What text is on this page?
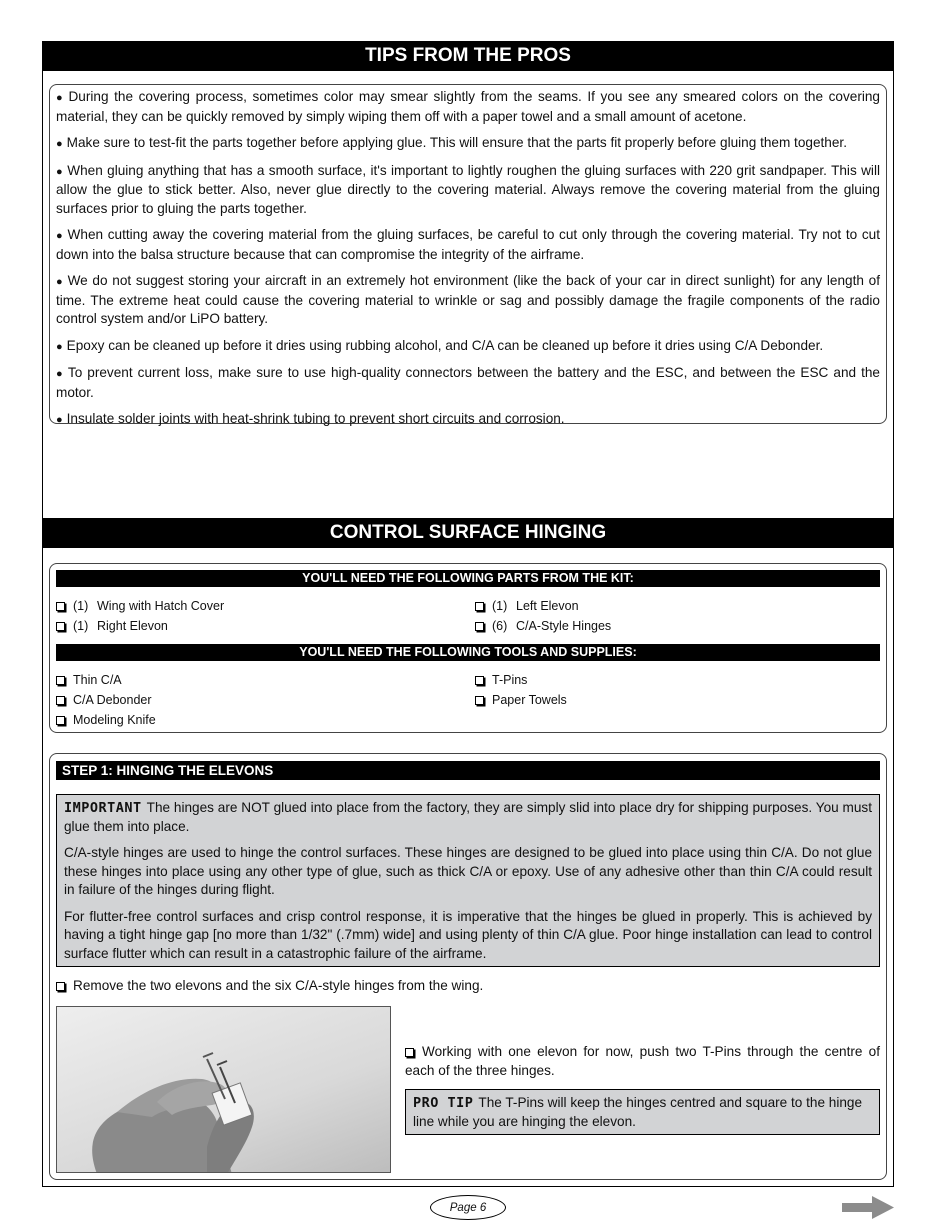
TIPS FROM THE PROS

● During the covering process, sometimes color may smear slightly from the seams. If you see any smeared colors on the covering material, they can be quickly removed by simply wiping them off with a paper towel and a small amount of acetone.

● Make sure to test-fit the parts together before applying glue. This will ensure that the parts fit properly before gluing them together.

● When gluing anything that has a smooth surface, it's important to lightly roughen the gluing surfaces with 220 grit sandpaper. This will allow the glue to stick better. Also, never glue directly to the covering material. Always remove the covering material from the gluing surfaces prior to gluing the parts together.

● When cutting away the covering material from the gluing surfaces, be careful to cut only through the covering material. Try not to cut down into the balsa structure because that can compromise the integrity of the airframe.

● We do not suggest storing your aircraft in an extremely hot environment (like the back of your car in direct sunlight) for any length of time. The extreme heat could cause the covering material to wrinkle or sag and possibly damage the fragile components of the radio control system and/or LiPO battery.

● Epoxy can be cleaned up before it dries using rubbing alcohol, and C/A can be cleaned up before it dries using C/A Debonder.

● To prevent current loss, make sure to use high-quality connectors between the battery and the ESC, and between the ESC and the motor.

● Insulate solder joints with heat-shrink tubing to prevent short circuits and corrosion.

CONTROL SURFACE HINGING
YOU'LL NEED THE FOLLOWING PARTS FROM THE KIT:
(1) Wing with Hatch Cover
(1) Right Elevon
(1) Left Elevon
(6) C/A-Style Hinges
YOU'LL NEED THE FOLLOWING TOOLS AND SUPPLIES:
Thin C/A
C/A Debonder
Modeling Knife
T-Pins
Paper Towels
STEP 1: HINGING THE ELEVONS

IMPORTANT The hinges are NOT glued into place from the factory, they are simply slid into place dry for shipping purposes. You must glue them into place.

C/A-style hinges are used to hinge the control surfaces. These hinges are designed to be glued into place using thin C/A. Do not glue these hinges into place using any other type of glue, such as thick C/A or epoxy. Use of any adhesive other than thin C/A could result in failure of the hinges during flight.

For flutter-free control surfaces and crisp control response, it is imperative that the hinges be glued in properly. This is achieved by having a tight hinge gap [no more than 1/32" (.7mm) wide] and using plenty of thin C/A glue. Poor hinge installation can lead to control surface flutter which can result in a catastrophic failure of the airframe.

Remove the two elevons and the six C/A-style hinges from the wing.
Working with one elevon for now, push two T-Pins through the centre of each of the three hinges.
PRO TIP The T-Pins will keep the hinges centred and square to the hinge line while you are hinging the elevon.
Page 6
